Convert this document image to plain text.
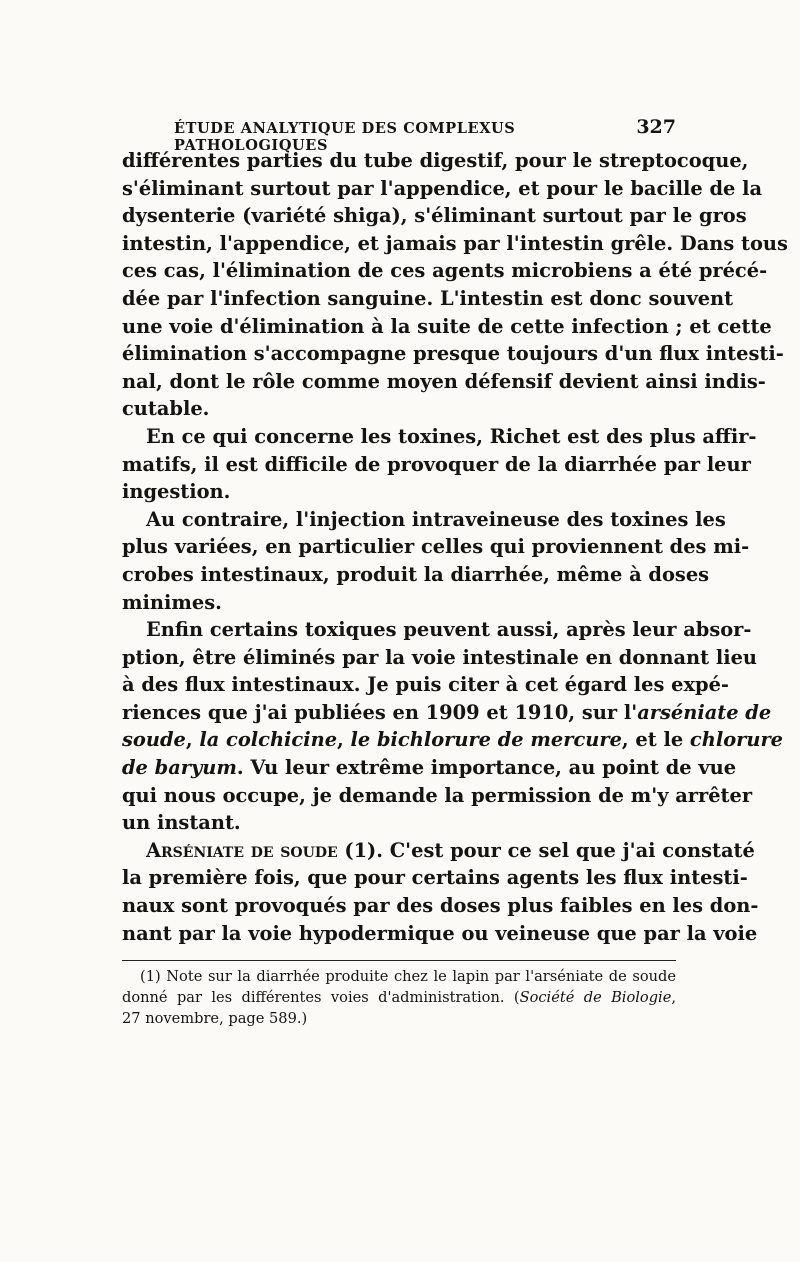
ÉTUDE ANALYTIQUE DES COMPLEXUS PATHOLOGIQUES
327
différentes parties du tube digestif, pour le streptocoque,
s'éliminant surtout par l'appendice, et pour le bacille de la
dysenterie (variété shiga), s'éliminant surtout par le gros
intestin, l'appendice, et jamais par l'intestin grêle. Dans tous
ces cas, l'élimination de ces agents microbiens a été précé-
dée par l'infection sanguine. L'intestin est donc souvent
une voie d'élimination à la suite de cette infection ; et cette
élimination s'accompagne presque toujours d'un flux intesti-
nal, dont le rôle comme moyen défensif devient ainsi indis-
cutable.
En ce qui concerne les toxines, Richet est des plus affir-
matifs, il est difficile de provoquer de la diarrhée par leur
ingestion.
Au contraire, l'injection intraveineuse des toxines les
plus variées, en particulier celles qui proviennent des mi-
crobes intestinaux, produit la diarrhée, même à doses
minimes.
Enfin certains toxiques peuvent aussi, après leur absor-
ption, être éliminés par la voie intestinale en donnant lieu
à des flux intestinaux. Je puis citer à cet égard les expé-
riences que j'ai publiées en 1909 et 1910, sur l'arséniate de
soude, la colchicine, le bichlorure de mercure, et le chlorure
de baryum. Vu leur extrême importance, au point de vue
qui nous occupe, je demande la permission de m'y arrêter
un instant.
Arséniate de soude (1). C'est pour ce sel que j'ai constaté
la première fois, que pour certains agents les flux intesti-
naux sont provoqués par des doses plus faibles en les don-
nant par la voie hypodermique ou veineuse que par la voie
(1) Note sur la diarrhée produite chez le lapin par l'arséniate de soude
donné par les différentes voies d'administration. (Société de Biologie,
27 novembre, page 589.)
